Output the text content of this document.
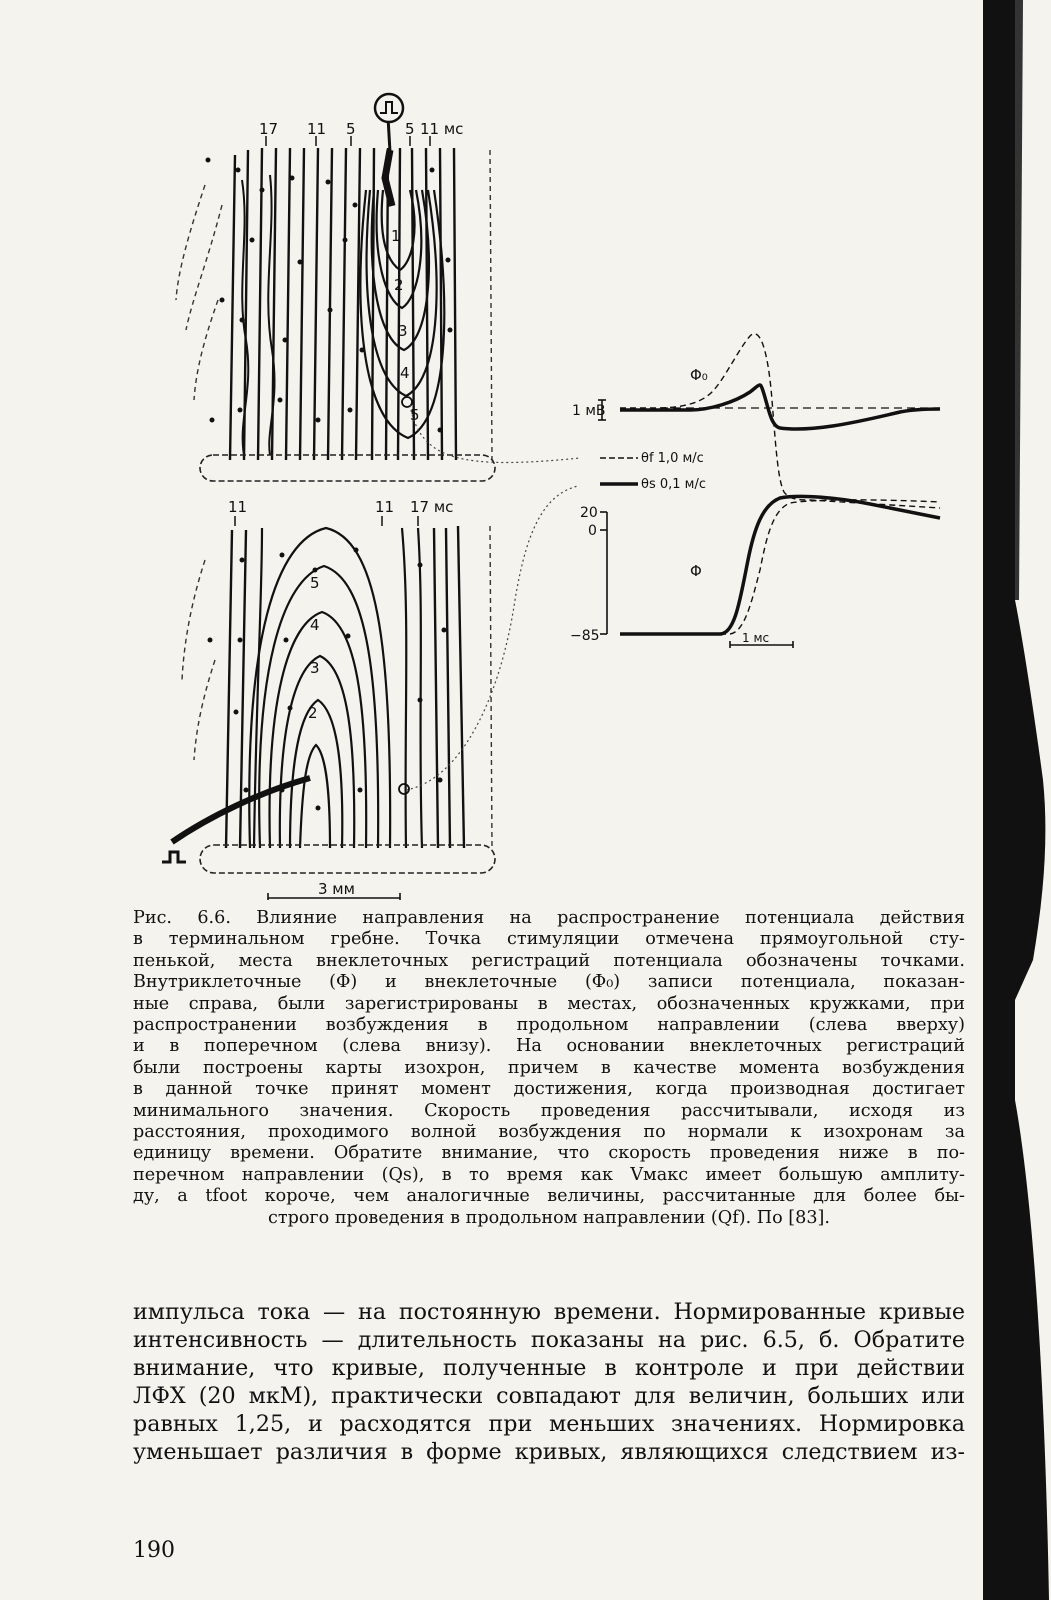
17 11 5	5 11 мс
1
2
3
4
5
11	11 17 мс
5
4
3
2
3 мм
1 мВ
Φ₀
Φ
θf 1,0 м/с
θs 0,1 м/с
20
0
−85	1 мс
Рис. 6.6. Влияние направления на распространение потенциала действия
в терминальном гребне. Точка стимуляции отмечена прямоугольной сту-
пенькой, места внеклеточных регистраций потенциала обозначены точками.
Внутриклеточные (Φ) и внеклеточные (Φ₀) записи потенциала, показан-
ные справа, были зарегистрированы в местах, обозначенных кружками, при
распространении возбуждения в продольном направлении (слева вверху)
и в поперечном (слева внизу). На основании внеклеточных регистраций
были построены карты изохрон, причем в качестве момента возбуждения
в данной точке принят момент достижения, когда производная достигает
минимального значения. Скорость проведения рассчитывали, исходя из
расстояния, проходимого волной возбуждения по нормали к изохронам за
единицу времени. Обратите внимание, что скорость проведения ниже в по-
перечном направлении (Qs), в то время как Vмакс имеет большую амплиту-
ду, а tfoot короче, чем аналогичные величины, рассчитанные для более бы-
строго проведения в продольном направлении (Qf). По [83].
импульса тока — на постоянную времени. Нормированные кривые
интенсивность — длительность показаны на рис. 6.5, б. Обратите
внимание, что кривые, полученные в контроле и при действии
ЛФХ (20 мкМ), практически совпадают для величин, больших или
равных 1,25, и расходятся при меньших значениях. Нормировка
уменьшает различия в форме кривых, являющихся следствием из-
190
